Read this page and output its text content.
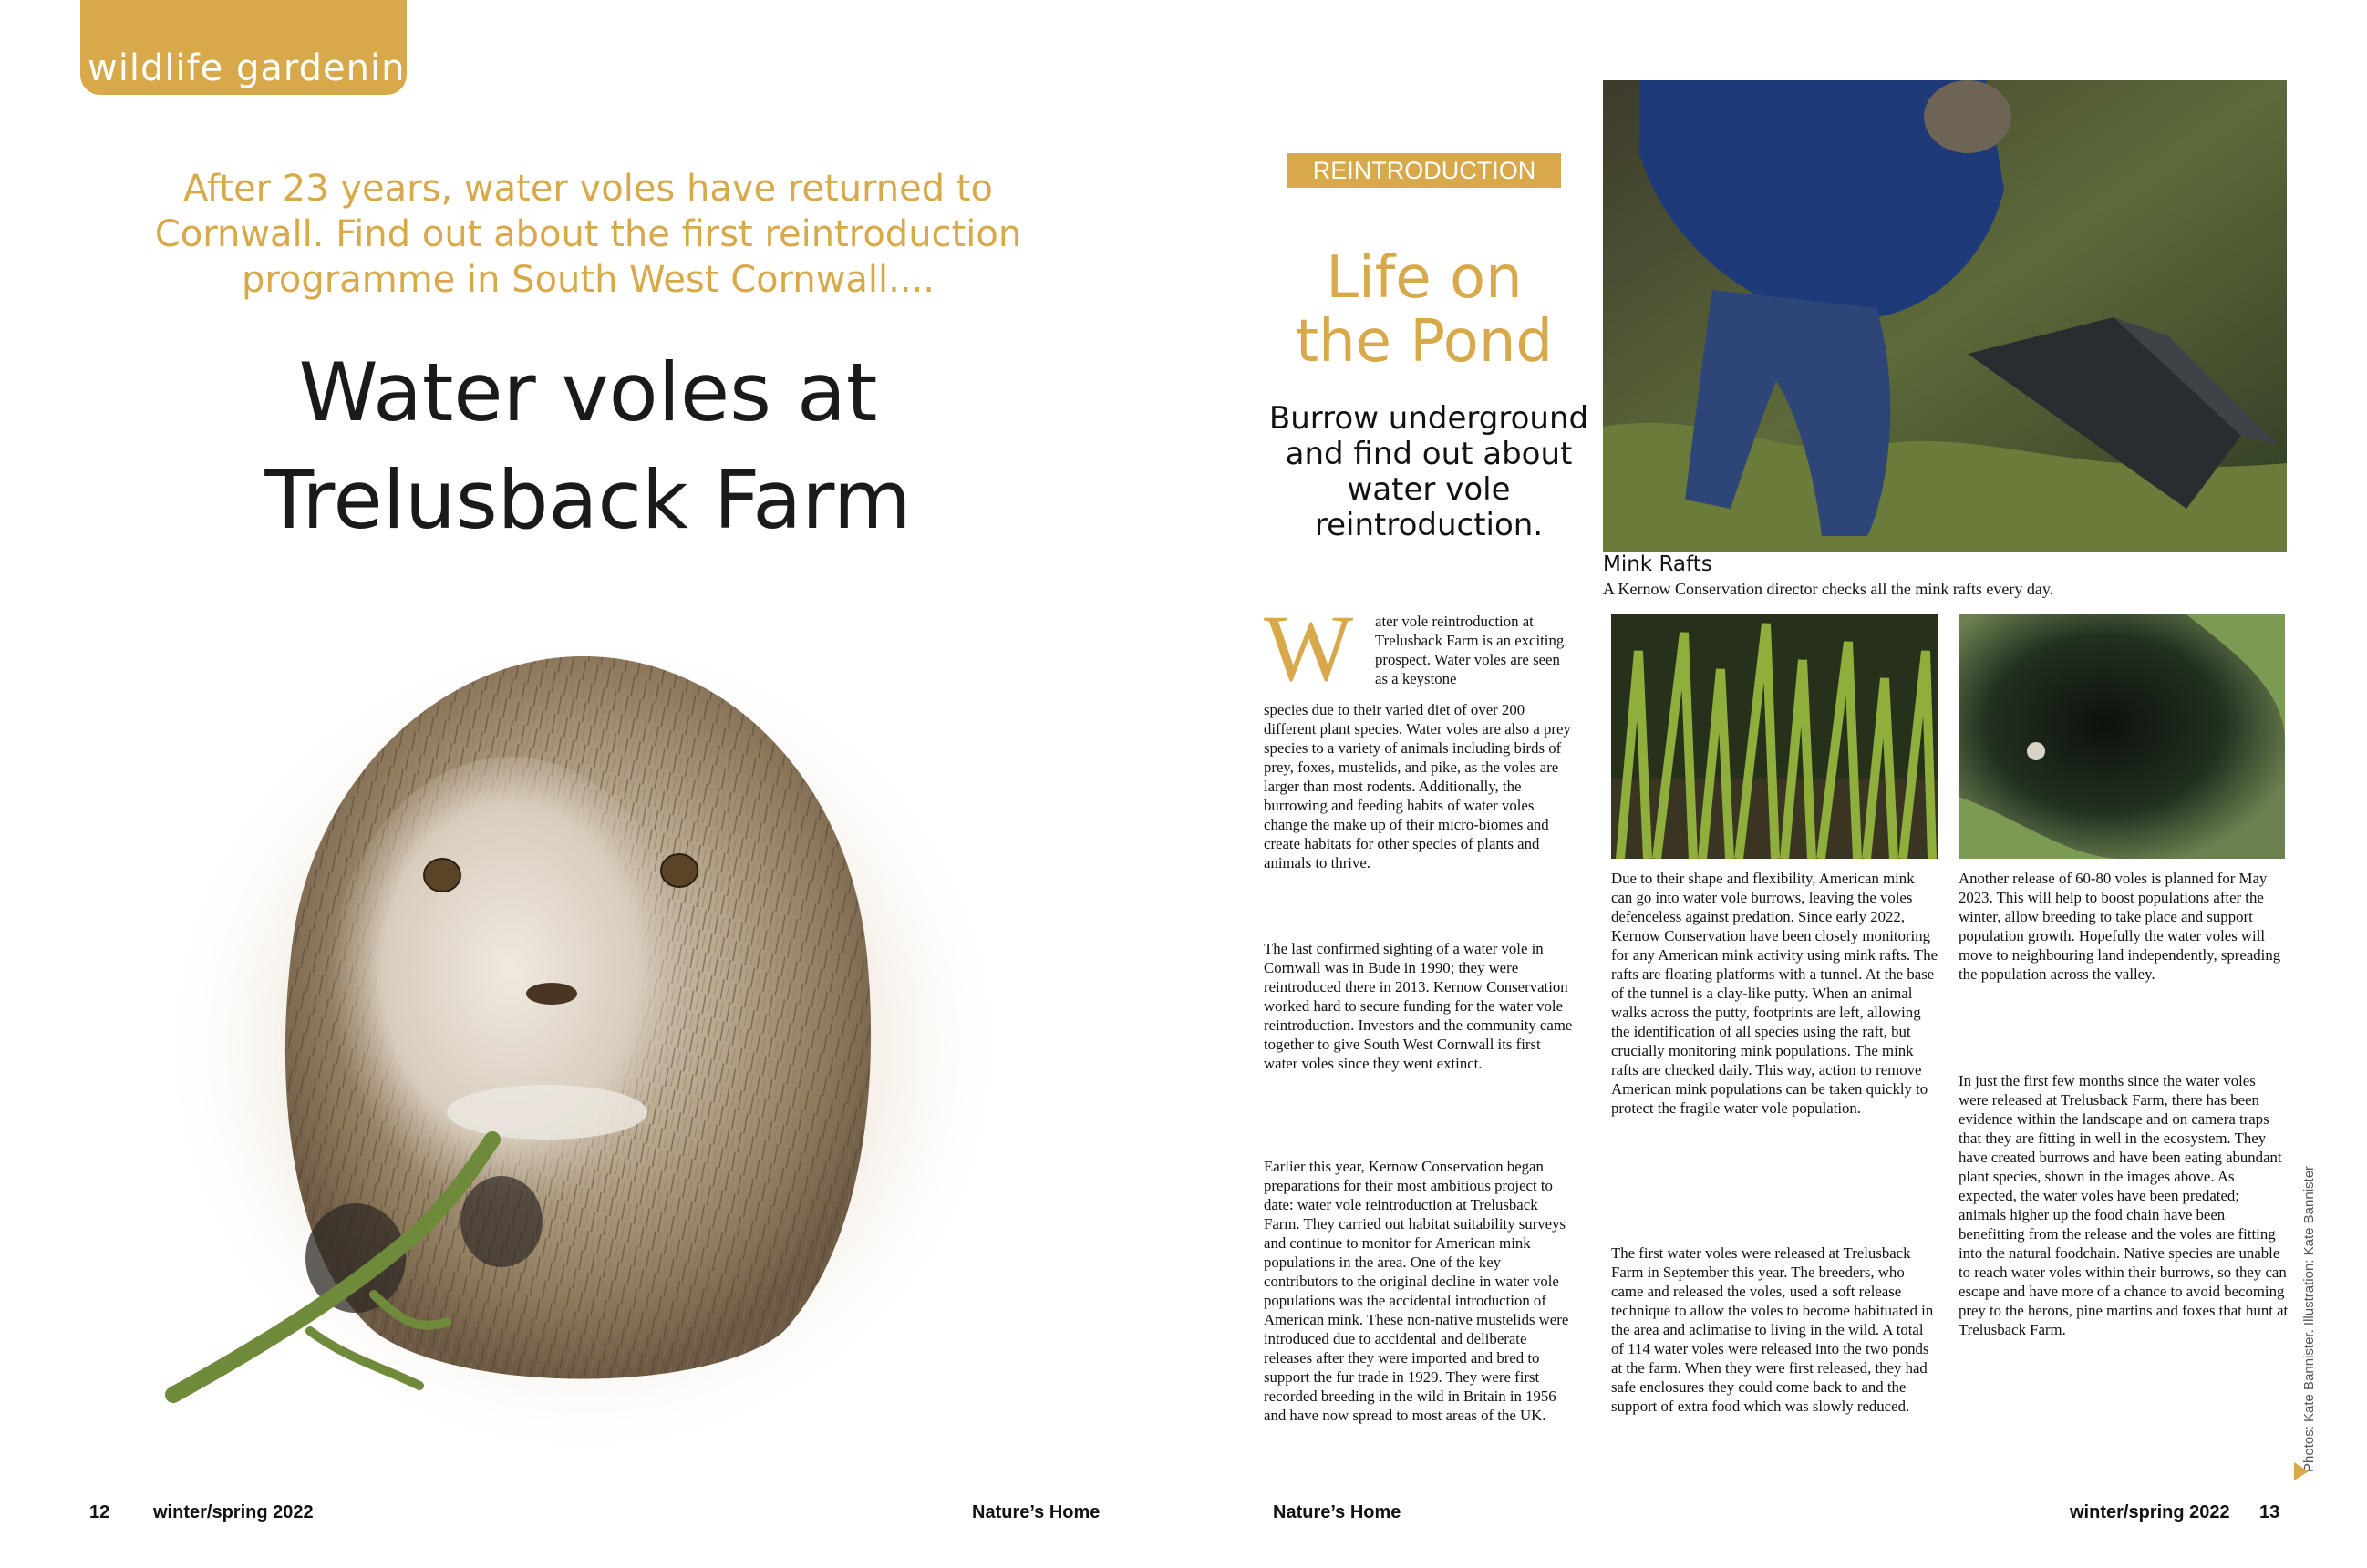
wildlife gardening
After 23 years, water voles have returned to Cornwall. Find out about the first reintroduction programme in South West Cornwall....
Water voles at
Trelusback Farm
12 winter/spring 2022	Nature’s Home
REINTRODUCTION
Life on
the Pond
Burrow underground and find out about water vole reintroduction.
Mink Rafts
A Kernow Conservation director checks all the mink rafts every day.
W ater vole reintroduction at Trelusback Farm is an exciting prospect. Water voles are seen as a keystone
species due to their varied diet of over 200 different plant species. Water voles are also a prey species to a variety of animals including birds of prey, foxes, mustelids, and pike, as the voles are larger than most rodents. Additionally, the burrowing and feeding habits of water voles change the make up of their micro-biomes and create habitats for other species of plants and animals to thrive.
The last confirmed sighting of a water vole in Cornwall was in Bude in 1990; they were reintroduced there in 2013. Kernow Conservation worked hard to secure funding for the water vole reintroduction. Investors and the community came together to give South West Cornwall its first water voles since they went extinct.
Earlier this year, Kernow Conservation began preparations for their most ambitious project to date: water vole reintroduction at Trelusback Farm. They carried out habitat suitability surveys and continue to monitor for American mink populations in the area. One of the key contributors to the original decline in water vole populations was the accidental introduction of American mink. These non-native mustelids were introduced due to accidental and deliberate releases after they were imported and bred to support the fur trade in 1929. They were first recorded breeding in the wild in Britain in 1956 and have now spread to most areas of the UK.
Due to their shape and flexibility, American mink can go into water vole burrows, leaving the voles defenceless against predation. Since early 2022, Kernow Conservation have been closely monitoring for any American mink activity using mink rafts. The rafts are floating platforms with a tunnel. At the base of the tunnel is a clay-like putty. When an animal walks across the putty, footprints are left, allowing the identification of all species using the raft, but crucially monitoring mink populations. The mink rafts are checked daily. This way, action to remove American mink populations can be taken quickly to protect the fragile water vole population.
The first water voles were released at Trelusback Farm in September this year. The breeders, who came and released the voles, used a soft release technique to allow the voles to become habituated in the area and aclimatise to living in the wild. A total of 114 water voles were released into the two ponds at the farm. When they were first released, they had safe enclosures they could come back to and the support of extra food which was slowly reduced.
Another release of 60-80 voles is planned for May 2023. This will help to boost populations after the winter, allow breeding to take place and support population growth. Hopefully the water voles will move to neighbouring land independently, spreading the population across the valley.
In just the first few months since the water voles were released at Trelusback Farm, there has been evidence within the landscape and on camera traps that they are fitting in well in the ecosystem. They have created burrows and have been eating abundant plant species, shown in the images above. As expected, the water voles have been predated; animals higher up the food chain have been benefitting from the release and the voles are fitting into the natural foodchain. Native species are unable to reach water voles within their burrows, so they can escape and have more of a chance to avoid becoming prey to the herons, pine martins and foxes that hunt at Trelusback Farm.	Photos: Kate Bannister. Illustration: Kate Bannister
Nature’s Home	winter/spring 2022 13
